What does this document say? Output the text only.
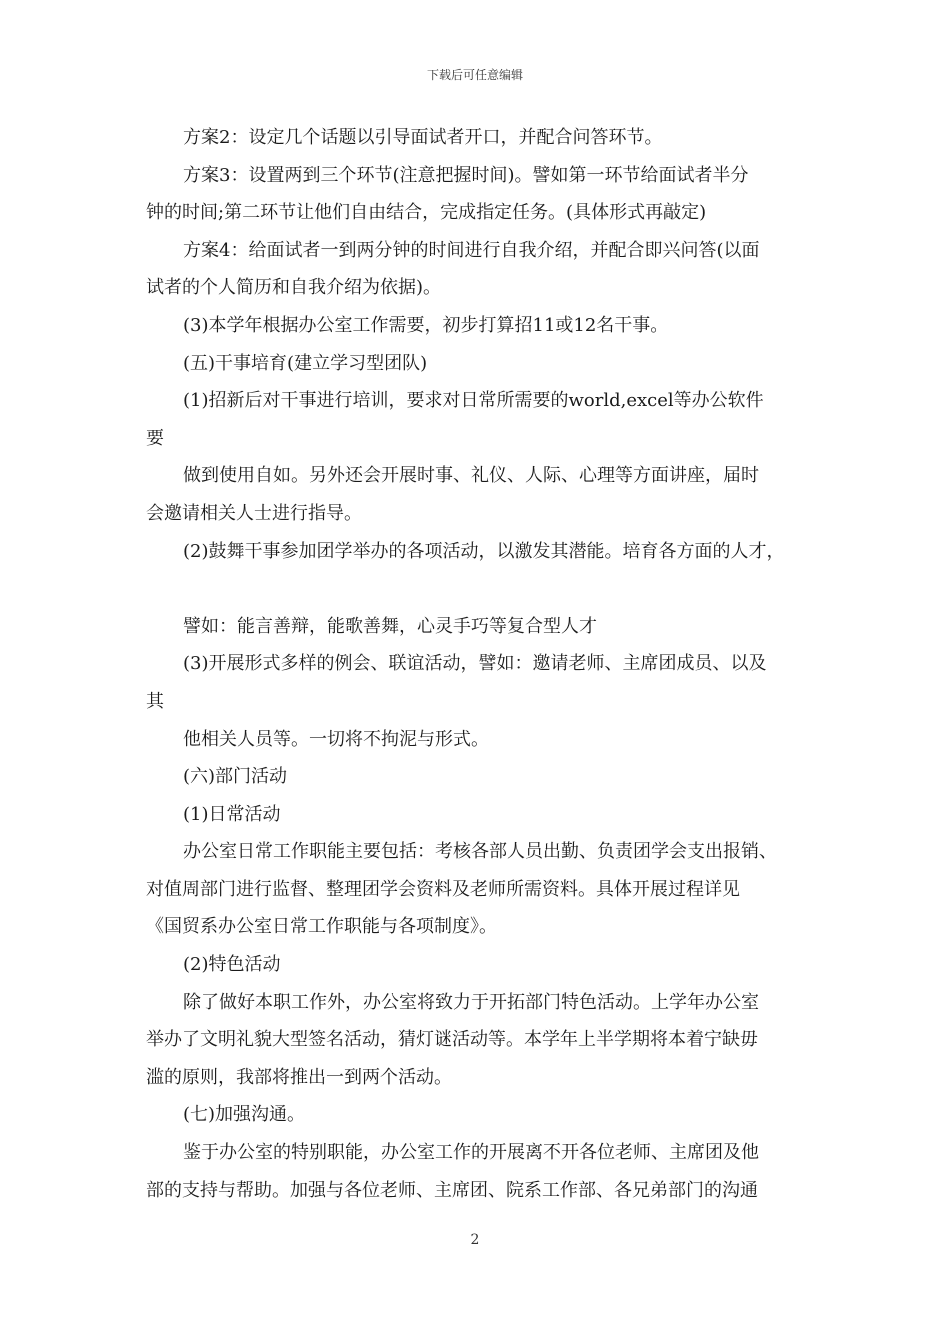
下载后可任意编辑
方案2：设定几个话题以引导面试者开口，并配合问答环节。
方案3：设置两到三个环节(注意把握时间)。譬如第一环节给面试者半分
钟的时间;第二环节让他们自由结合，完成指定任务。(具体形式再敲定)
方案4：给面试者一到两分钟的时间进行自我介绍，并配合即兴问答(以面
试者的个人简历和自我介绍为依据)。
(3)本学年根据办公室工作需要，初步打算招11或12名干事。
(五)干事培育(建立学习型团队)
(1)招新后对干事进行培训，要求对日常所需要的world,excel等办公软件
要
做到使用自如。另外还会开展时事、礼仪、人际、心理等方面讲座，届时
会邀请相关人士进行指导。
(2)鼓舞干事参加团学举办的各项活动，以激发其潜能。培育各方面的人才，
譬如：能言善辩，能歌善舞，心灵手巧等复合型人才
(3)开展形式多样的例会、联谊活动，譬如：邀请老师、主席团成员、以及
其
他相关人员等。一切将不拘泥与形式。
(六)部门活动
(1)日常活动
办公室日常工作职能主要包括：考核各部人员出勤、负责团学会支出报销、
对值周部门进行监督、整理团学会资料及老师所需资料。具体开展过程详见
《国贸系办公室日常工作职能与各项制度》。
(2)特色活动
除了做好本职工作外，办公室将致力于开拓部门特色活动。上学年办公室
举办了文明礼貌大型签名活动，猜灯谜活动等。本学年上半学期将本着宁缺毋
滥的原则，我部将推出一到两个活动。
(七)加强沟通。
鉴于办公室的特别职能，办公室工作的开展离不开各位老师、主席团及他
部的支持与帮助。加强与各位老师、主席团、院系工作部、各兄弟部门的沟通
2
